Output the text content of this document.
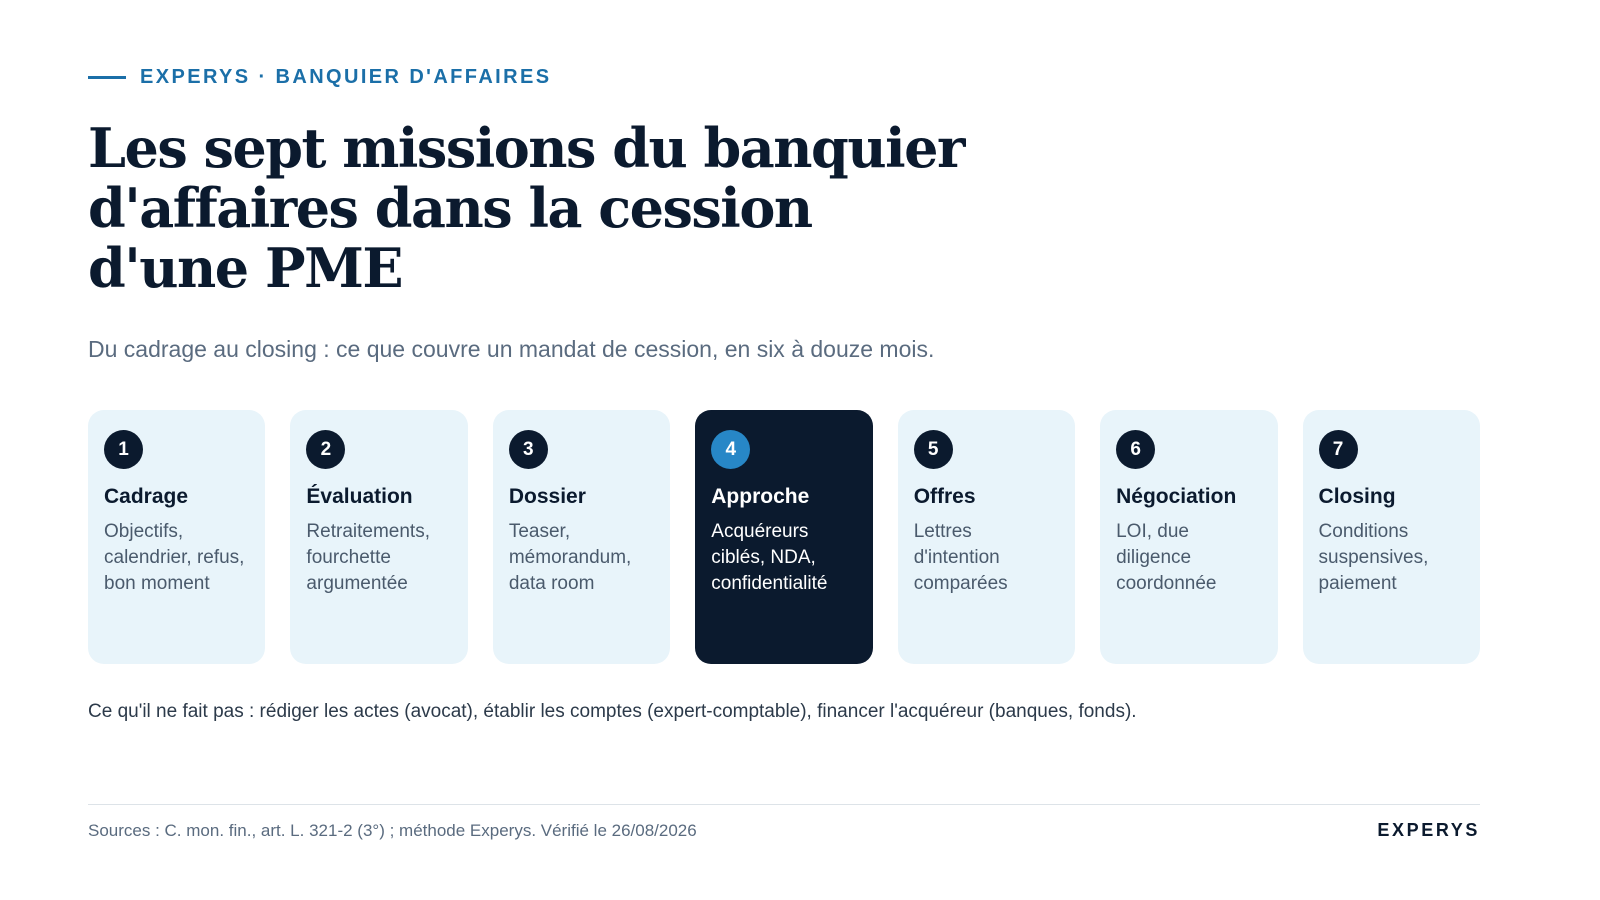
EXPERYS · BANQUIER D'AFFAIRES
Les sept missions du banquier d'affaires dans la cession d'une PME

Du cadrage au closing : ce que couvre un mandat de cession, en six à douze mois.

1
Cadrage
Objectifs, calendrier, refus, bon moment
2
Évaluation
Retraitements, fourchette argumentée
3
Dossier
Teaser, mémorandum, data room
4
Approche
Acquéreurs ciblés, NDA, confidentialité
5
Offres
Lettres d'intention comparées
6
Négociation
LOI, due diligence coordonnée
7
Closing
Conditions suspensives, paiement

Ce qu'il ne fait pas : rédiger les actes (avocat), établir les comptes (expert-comptable), financer l'acquéreur (banques, fonds).

Sources : C. mon. fin., art. L. 321-2 (3°) ; méthode Experys. Vérifié le 26/08/2026	EXPERYS
